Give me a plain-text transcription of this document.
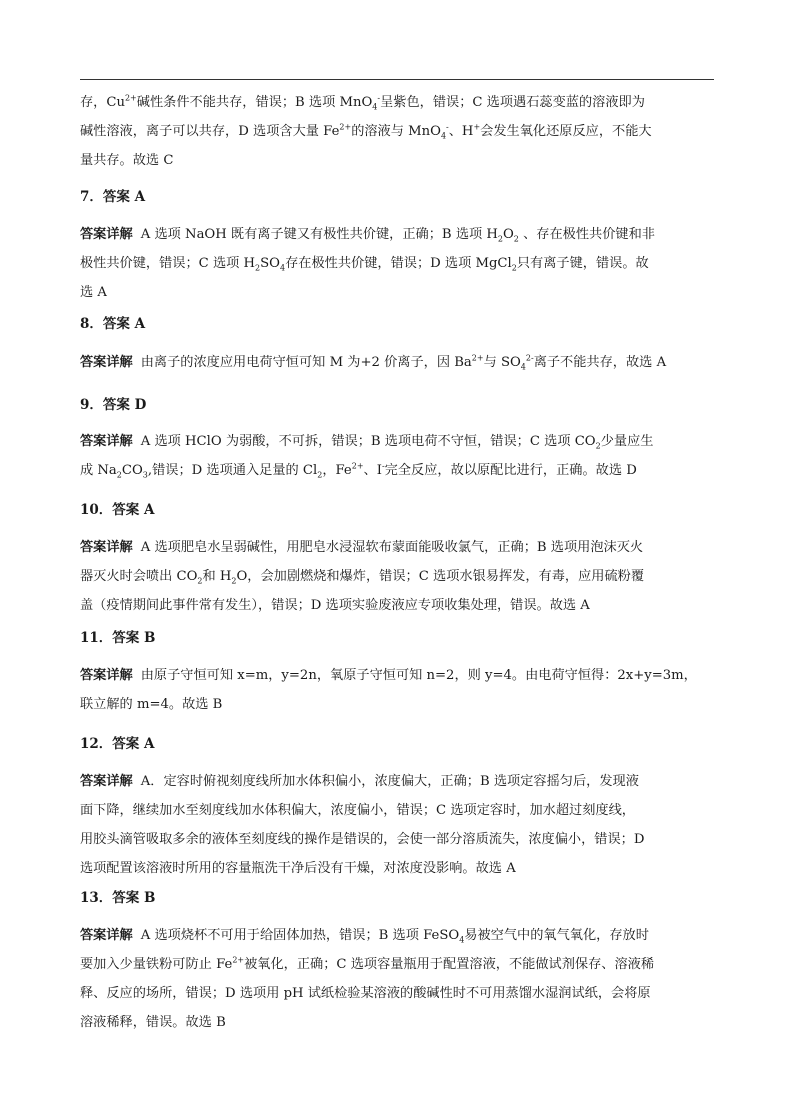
存，$Cu^{2+}$碱性条件不能共存，错误；B 选项 MnO$_4$-呈紫色，错误；C 选项遇石蕊变蓝的溶液即为
碱性溶液，离子可以共存，D 选项含大量 $Fe^{2+}$的溶液与 MnO$_4$-、H+会发生氧化还原反应，不能大
量共存。故选 C
7．答案 A
答案详解 A 选项 NaOH 既有离子键又有极性共价键，正确；B 选项 $H_2O_2$ 、存在极性共价键和非
极性共价键，错误；C 选项 $H_2SO_4$存在极性共价键，错误；D 选项 MgCl$_2$只有离子键，错误。故
选 A
8．答案 A
答案详解 由离子的浓度应用电荷守恒可知 M 为+2 价离子，因 $Ba^{2+}$与 $SO_4^{2-}$离子不能共存，故选 A
9．答案 D
答案详解 A 选项 HClO 为弱酸，不可拆，错误；B 选项电荷不守恒，错误；C 选项 $CO_2$少量应生
成 $Na_2CO_3$,错误；D 选项通入足量的 $Cl_2$，$Fe^{2+}$、I-完全反应，故以原配比进行，正确。故选 D
10．答案 A
答案详解 A 选项肥皂水呈弱碱性，用肥皂水浸湿软布蒙面能吸收氯气，正确；B 选项用泡沫灭火
器灭火时会喷出 $CO_2$和 $H_2O$，会加剧燃烧和爆炸，错误；C 选项水银易挥发，有毒，应用硫粉覆
盖（疫情期间此事件常有发生），错误；D 选项实验废液应专项收集处理，错误。故选 A
11．答案 B
答案详解 由原子守恒可知 x=m，y=2n，氧原子守恒可知 n=2，则 y=4。由电荷守恒得：2x+y=3m，
联立解的 m=4。故选 B
12．答案 A
答案详解 A．定容时俯视刻度线所加水体积偏小，浓度偏大，正确；B 选项定容摇匀后，发现液
面下降，继续加水至刻度线加水体积偏大，浓度偏小，错误；C 选项定容时，加水超过刻度线，
用胶头滴管吸取多余的液体至刻度线的操作是错误的，会使一部分溶质流失，浓度偏小，错误；D
选项配置该溶液时所用的容量瓶洗干净后没有干燥，对浓度没影响。故选 A
13．答案 B
答案详解 A 选项烧杯不可用于给固体加热，错误；B 选项 FeSO$_4$易被空气中的氧气氧化，存放时
要加入少量铁粉可防止 $Fe^{2+}$被氧化，正确；C 选项容量瓶用于配置溶液，不能做试剂保存、溶液稀
释、反应的场所，错误；D 选项用 pH 试纸检验某溶液的酸碱性时不可用蒸馏水湿润试纸，会将原
溶液稀释，错误。故选 B
